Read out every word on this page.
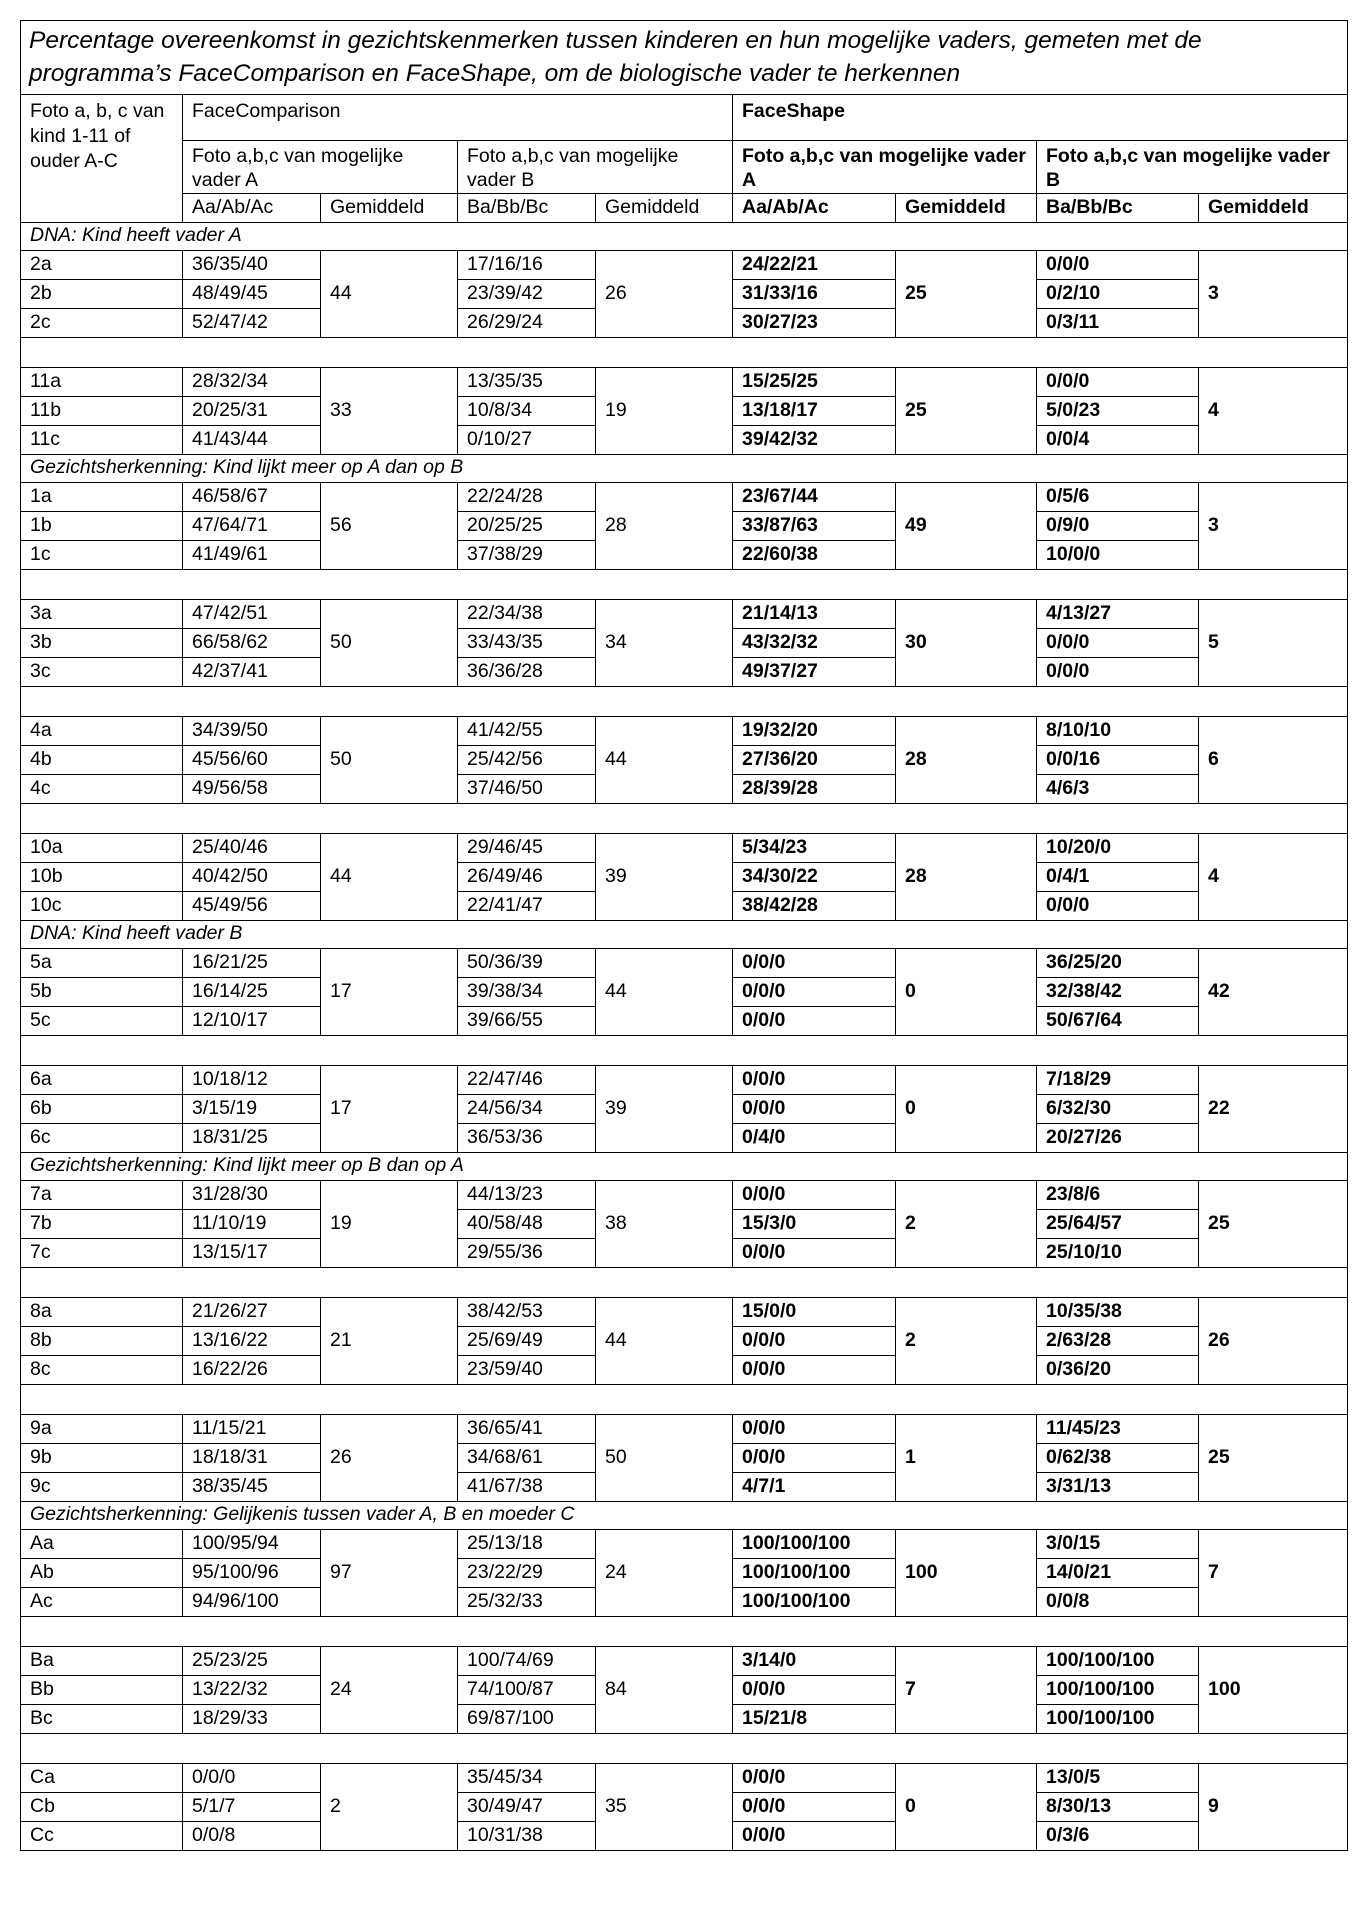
Percentage overeenkomst in gezichtskenmerken tussen kinderen en hun mogelijke vaders, gemeten met de programma’s FaceComparison en FaceShape, om de biologische vader te herkennen								
Foto a, b, c van kind 1-11 of ouder A-C	FaceComparison				FaceShape			
	Foto a,b,c van mogelijke vader A		Foto a,b,c van mogelijke vader B		Foto a,b,c van mogelijke vader A		Foto a,b,c van mogelijke vader B	
	Aa/Ab/Ac	Gemiddeld	Ba/Bb/Bc	Gemiddeld	Aa/Ab/Ac	Gemiddeld	Ba/Bb/Bc	Gemiddeld
DNA: Kind heeft vader A								
2a	36/35/40	44	17/16/16	26	24/22/21	25	0/0/0	3
2b	48/49/45		23/39/42		31/33/16		0/2/10	
2c	52/47/42		26/29/24		30/27/23		0/3/11	

11a	28/32/34	33	13/35/35	19	15/25/25	25	0/0/0	4
11b	20/25/31		10/8/34		13/18/17		5/0/23	
11c	41/43/44		0/10/27		39/42/32		0/0/4	
Gezichtsherkenning: Kind lijkt meer op A dan op B								
1a	46/58/67	56	22/24/28	28	23/67/44	49	0/5/6	3
1b	47/64/71		20/25/25		33/87/63		0/9/0	
1c	41/49/61		37/38/29		22/60/38		10/0/0	

3a	47/42/51	50	22/34/38	34	21/14/13	30	4/13/27	5
3b	66/58/62		33/43/35		43/32/32		0/0/0	
3c	42/37/41		36/36/28		49/37/27		0/0/0	

4a	34/39/50	50	41/42/55	44	19/32/20	28	8/10/10	6
4b	45/56/60		25/42/56		27/36/20		0/0/16	
4c	49/56/58		37/46/50		28/39/28		4/6/3	

10a	25/40/46	44	29/46/45	39	5/34/23	28	10/20/0	4
10b	40/42/50		26/49/46		34/30/22		0/4/1	
10c	45/49/56		22/41/47		38/42/28		0/0/0	
DNA: Kind heeft vader B								
5a	16/21/25	17	50/36/39	44	0/0/0	0	36/25/20	42
5b	16/14/25		39/38/34		0/0/0		32/38/42	
5c	12/10/17		39/66/55		0/0/0		50/67/64	

6a	10/18/12	17	22/47/46	39	0/0/0	0	7/18/29	22
6b	3/15/19		24/56/34		0/0/0		6/32/30	
6c	18/31/25		36/53/36		0/4/0		20/27/26	
Gezichtsherkenning: Kind lijkt meer op B dan op A								
7a	31/28/30	19	44/13/23	38	0/0/0	2	23/8/6	25
7b	11/10/19		40/58/48		15/3/0		25/64/57	
7c	13/15/17		29/55/36		0/0/0		25/10/10	

8a	21/26/27	21	38/42/53	44	15/0/0	2	10/35/38	26
8b	13/16/22		25/69/49		0/0/0		2/63/28	
8c	16/22/26		23/59/40		0/0/0		0/36/20	

9a	11/15/21	26	36/65/41	50	0/0/0	1	11/45/23	25
9b	18/18/31		34/68/61		0/0/0		0/62/38	
9c	38/35/45		41/67/38		4/7/1		3/31/13	
Gezichtsherkenning: Gelijkenis tussen vader A, B en moeder C								
Aa	100/95/94	97	25/13/18	24	100/100/100	100	3/0/15	7
Ab	95/100/96		23/22/29		100/100/100		14/0/21	
Ac	94/96/100		25/32/33		100/100/100		0/0/8	

Ba	25/23/25	24	100/74/69	84	3/14/0	7	100/100/100	100
Bb	13/22/32		74/100/87		0/0/0		100/100/100	
Bc	18/29/33		69/87/100		15/21/8		100/100/100	

Ca	0/0/0	2	35/45/34	35	0/0/0	0	13/0/5	9
Cb	5/1/7		30/49/47		0/0/0		8/30/13	
Cc	0/0/8		10/31/38		0/0/0		0/3/6	
